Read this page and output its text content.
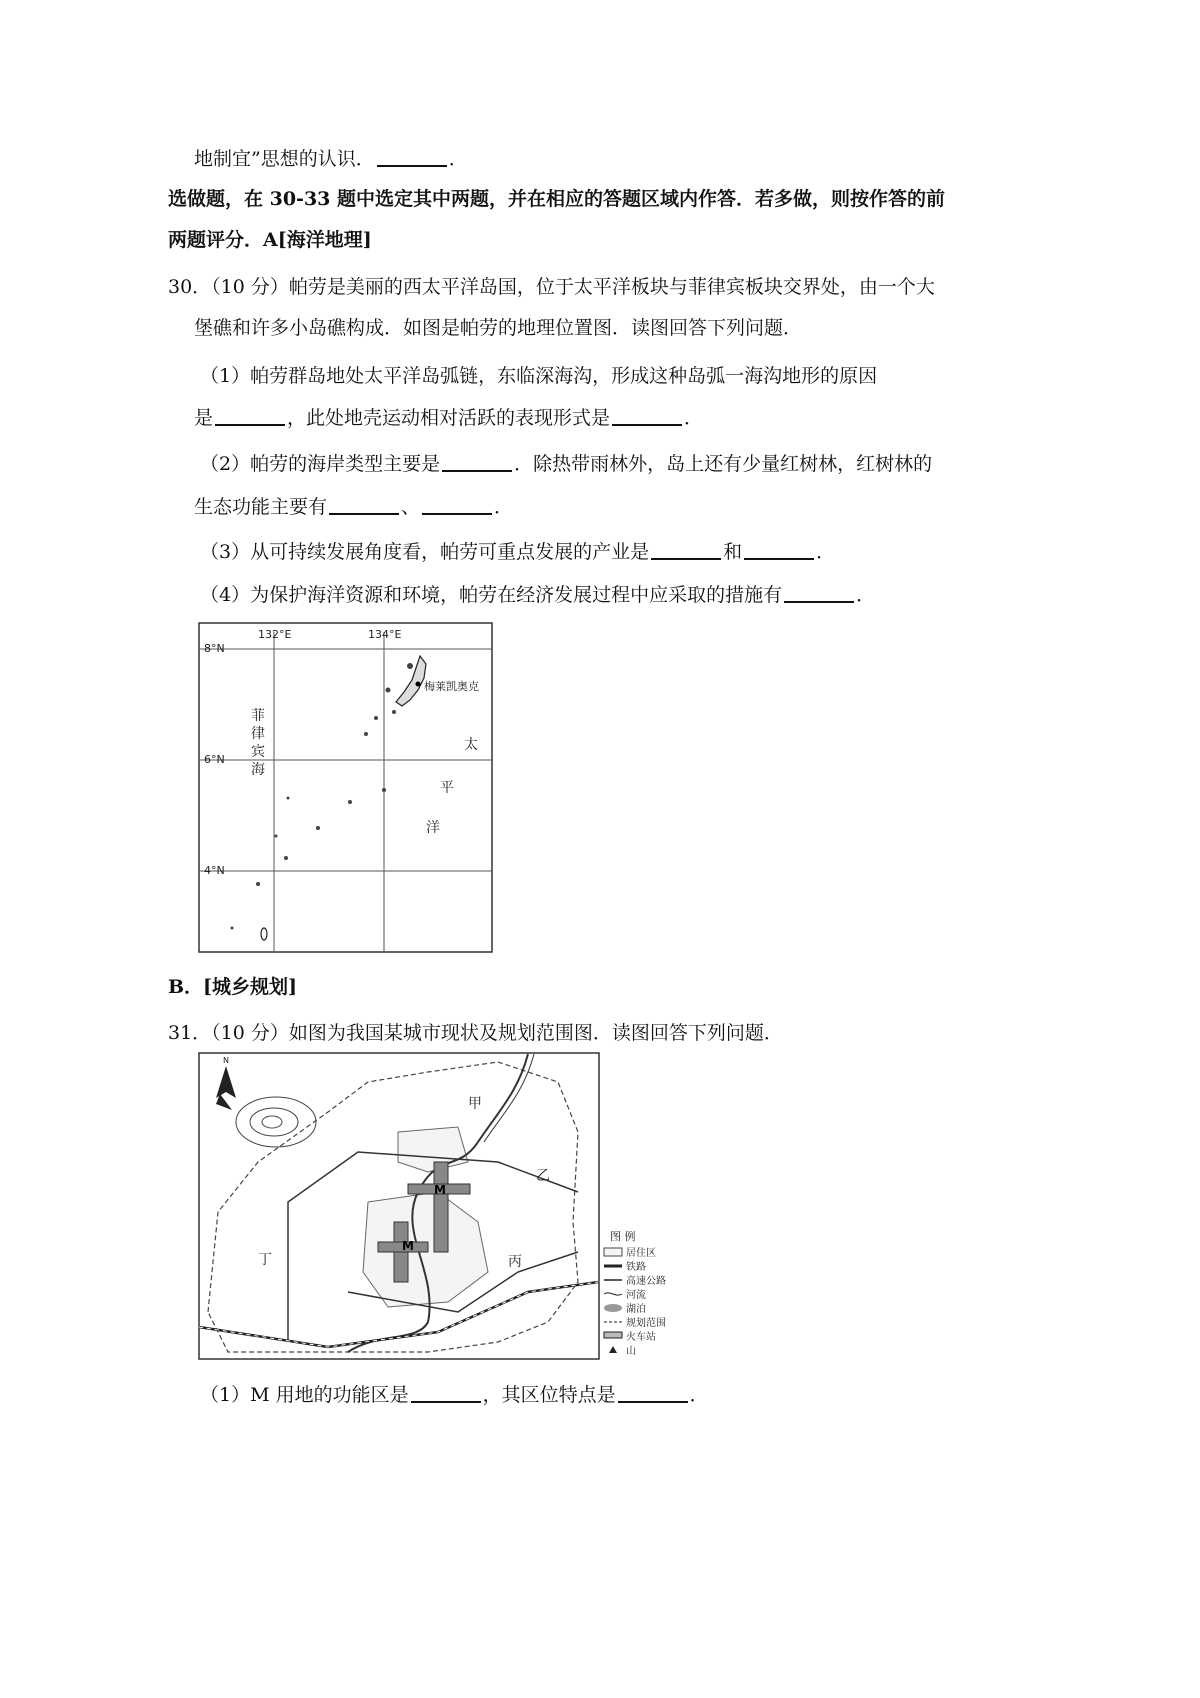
地制宜”思想的认识．	．
选做题，在 30-33 题中选定其中两题，并在相应的答题区域内作答．若多做，则按作答的前
两题评分．A[海洋地理]
30．（10 分）帕劳是美丽的西太平洋岛国，位于太平洋板块与菲律宾板块交界处，由一个大
堡礁和许多小岛礁构成．如图是帕劳的地理位置图．读图回答下列问题．
（1）帕劳群岛地处太平洋岛弧链，东临深海沟，形成这种岛弧一海沟地形的原因
是	，此处地壳运动相对活跃的表现形式是	．
（2）帕劳的海岸类型主要是	．除热带雨林外，岛上还有少量红树林，红树林的
生态功能主要有	、	．
（3）从可持续发展角度看，帕劳可重点发展的产业是	和	．
（4）为保护海洋资源和环境，帕劳在经济发展过程中应采取的措施有	．
132°E	134°E
8°N
6°N
4°N
菲
律
宾
海
太
平
洋
梅莱凯奥克
B．[城乡规划]
31．（10 分）如图为我国某城市现状及规划范围图．读图回答下列问题．
N
M
M
甲
乙
丙
丁
图 例
居住区
铁路
高速公路
河流
湖泊
规划范围
火车站
山
（1）M 用地的功能区是	，其区位特点是	．
